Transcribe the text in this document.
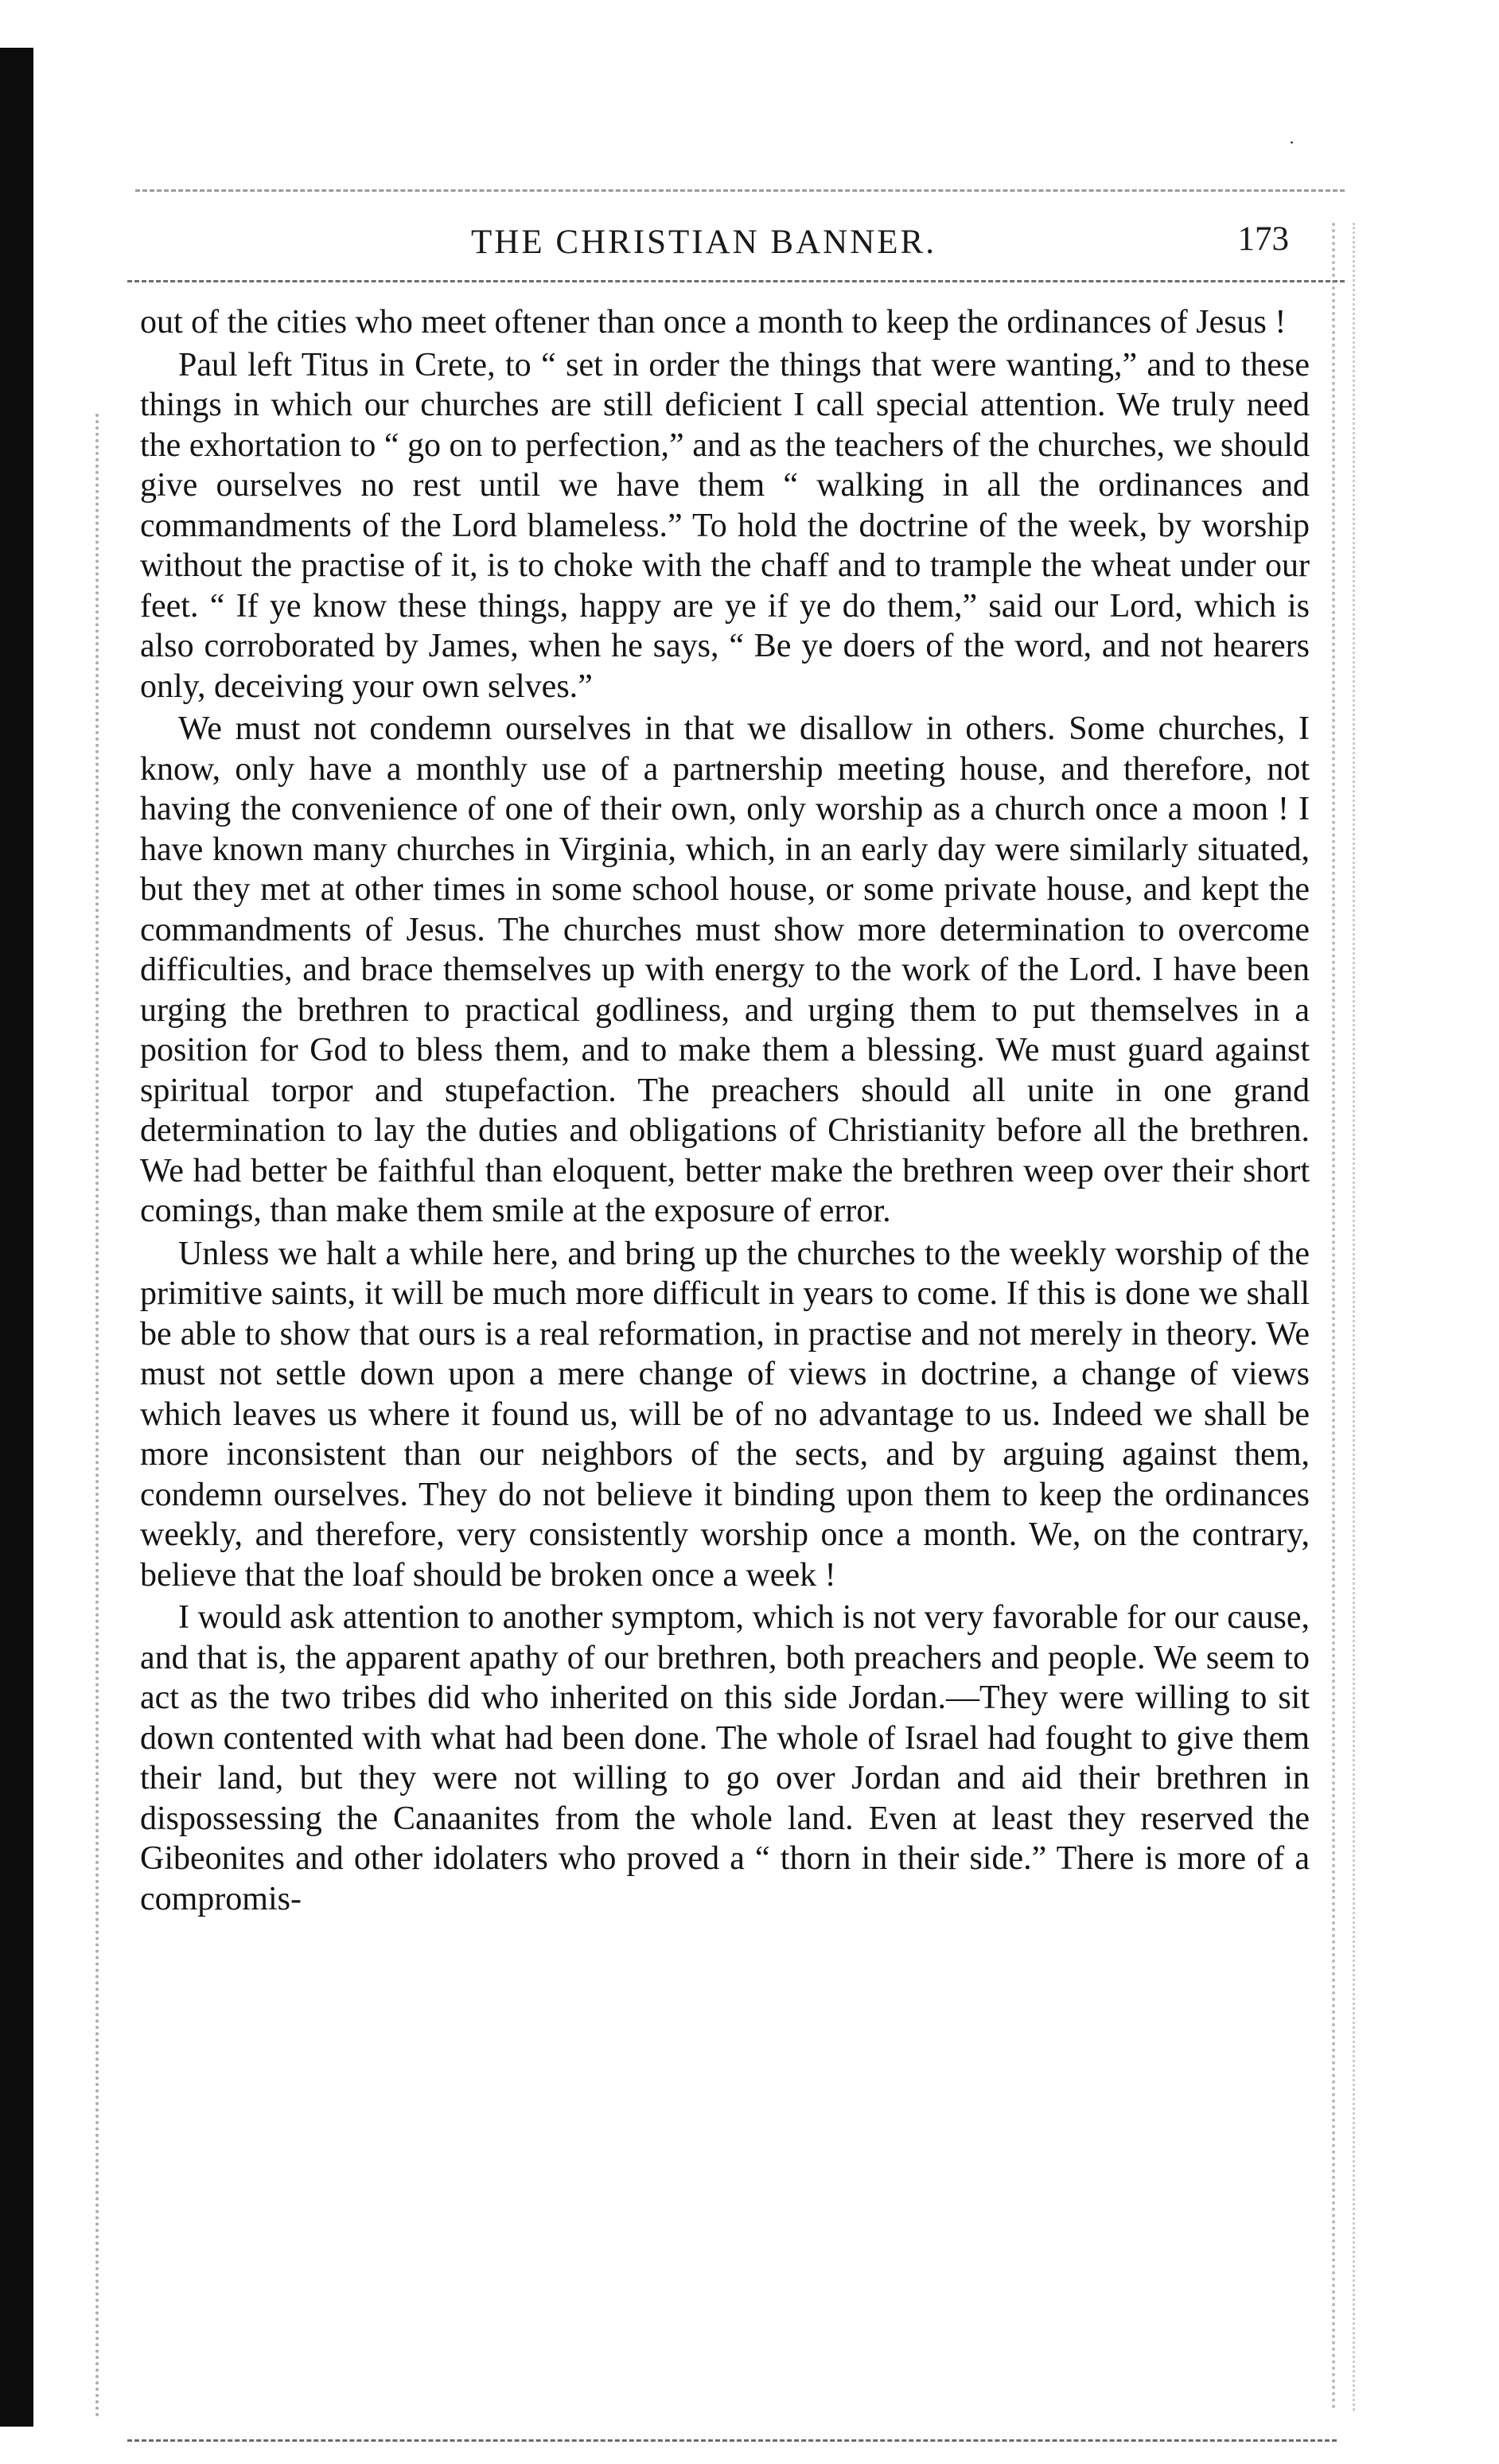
·
THE CHRISTIAN BANNER.	173

out of the cities who meet oftener than once a month to keep the ordinances of Jesus !

Paul left Titus in Crete, to “ set in order the things that were wanting,” and to these things in which our churches are still deficient I call special attention. We truly need the exhortation to “ go on to perfection,” and as the teachers of the churches, we should give ourselves no rest until we have them “ walking in all the ordinances and commandments of the Lord blameless.” To hold the doctrine of the week, by worship without the practise of it, is to choke with the chaff and to trample the wheat under our feet. “ If ye know these things, happy are ye if ye do them,” said our Lord, which is also corroborated by James, when he says, “ Be ye doers of the word, and not hearers only, deceiving your own selves.”

We must not condemn ourselves in that we disallow in others. Some churches, I know, only have a monthly use of a partnership meeting house, and therefore, not having the convenience of one of their own, only worship as a church once a moon ! I have known many churches in Virginia, which, in an early day were similarly situated, but they met at other times in some school house, or some private house, and kept the commandments of Jesus. The churches must show more determination to overcome difficulties, and brace themselves up with energy to the work of the Lord. I have been urging the brethren to practical godliness, and urging them to put themselves in a position for God to bless them, and to make them a blessing. We must guard against spiritual torpor and stupefaction. The preachers should all unite in one grand determination to lay the duties and obligations of Christianity before all the brethren. We had better be faithful than eloquent, better make the brethren weep over their short comings, than make them smile at the exposure of error.

Unless we halt a while here, and bring up the churches to the weekly worship of the primitive saints, it will be much more difficult in years to come. If this is done we shall be able to show that ours is a real reformation, in practise and not merely in theory. We must not settle down upon a mere change of views in doctrine, a change of views which leaves us where it found us, will be of no advantage to us. Indeed we shall be more inconsistent than our neighbors of the sects, and by arguing against them, condemn ourselves. They do not believe it binding upon them to keep the ordinances weekly, and therefore, very consistently worship once a month. We, on the contrary, believe that the loaf should be broken once a week !

I would ask attention to another symptom, which is not very favorable for our cause, and that is, the apparent apathy of our brethren, both preachers and people. We seem to act as the two tribes did who inherited on this side Jordan.—They were willing to sit down contented with what had been done. The whole of Israel had fought to give them their land, but they were not willing to go over Jordan and aid their brethren in dispossessing the Canaanites from the whole land. Even at least they reserved the Gibeonites and other idolaters who proved a “ thorn in their side.” There is more of a compromis-
